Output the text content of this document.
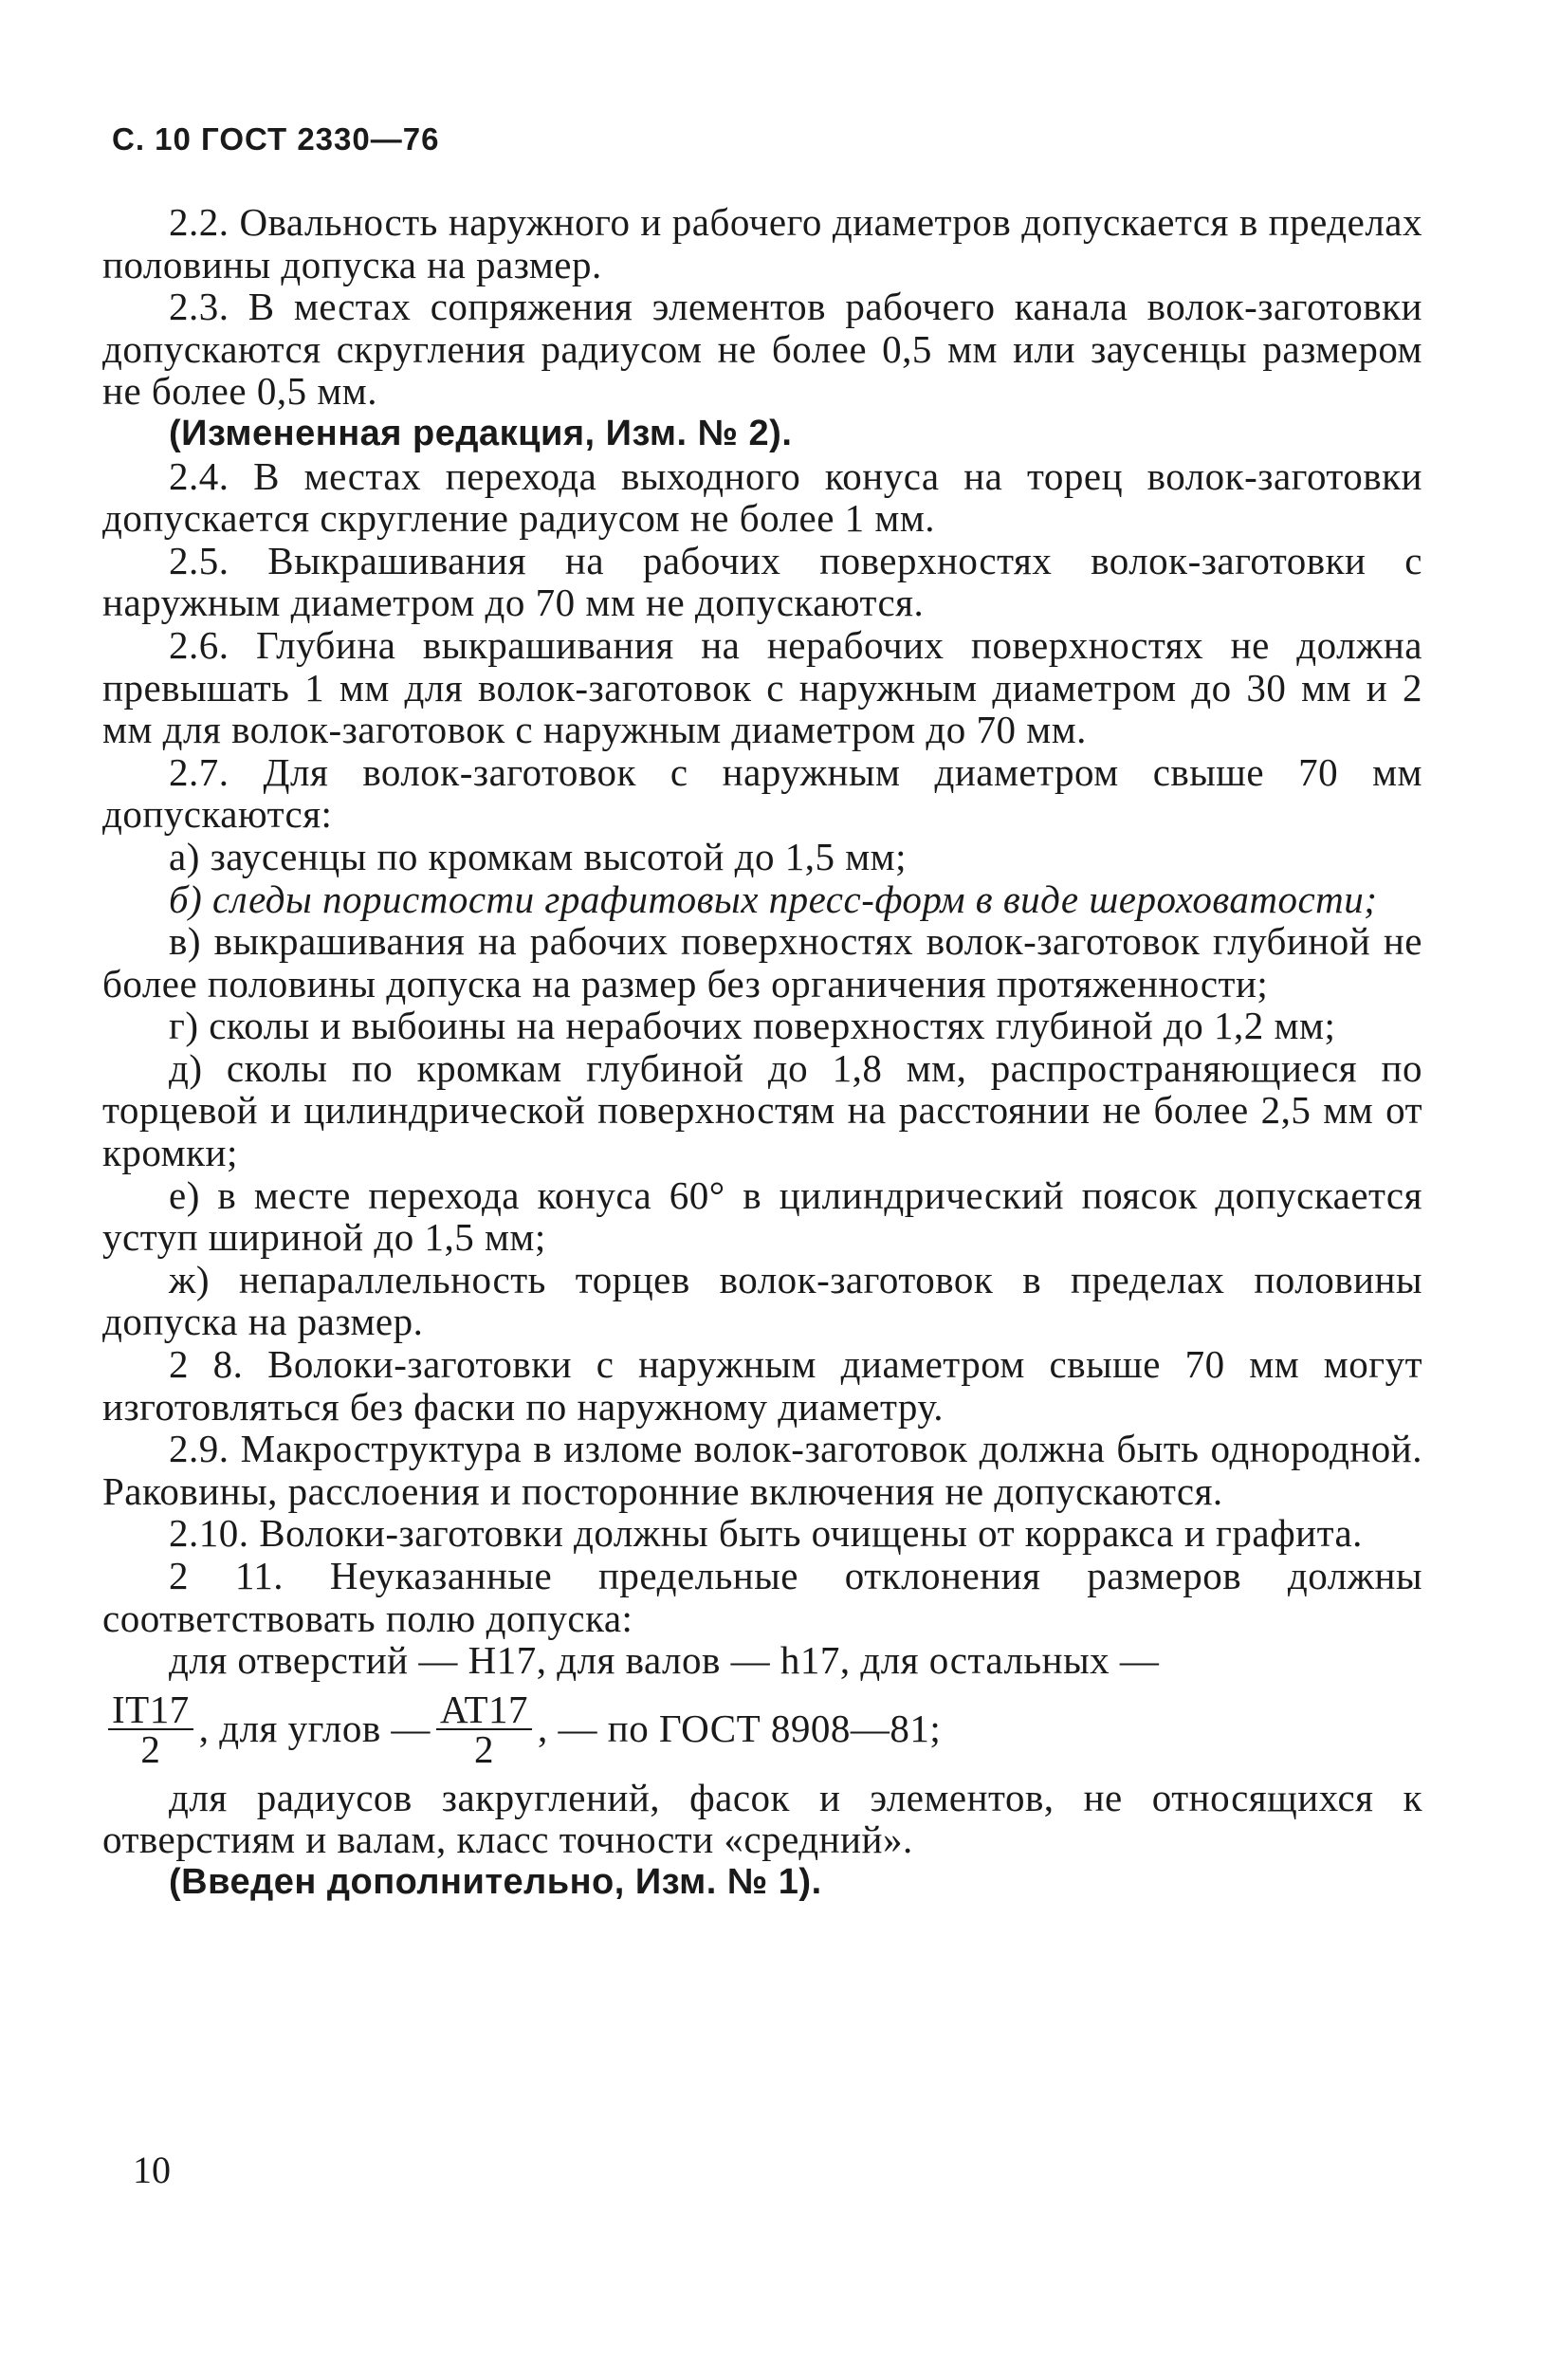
С. 10 ГОСТ 2330—76

2.2. Овальность наружного и рабочего диаметров допускается в пределах половины допуска на размер.

2.3. В местах сопряжения элементов рабочего канала волок-заготовки допускаются скругления радиусом не более 0,5 мм или заусенцы размером не более 0,5 мм.

(Измененная редакция, Изм. № 2).

2.4. В местах перехода выходного конуса на торец волок-заготовки допускается скругление радиусом не более 1 мм.

2.5. Выкрашивания на рабочих поверхностях волок-заготовки с наружным диаметром до 70 мм не допускаются.

2.6. Глубина выкрашивания на нерабочих поверхностях не должна превышать 1 мм для волок-заготовок с наружным диаметром до 30 мм и 2 мм для волок-заготовок с наружным диаметром до 70 мм.

2.7. Для волок-заготовок с наружным диаметром свыше 70 мм допускаются:

а) заусенцы по кромкам высотой до 1,5 мм;

б) следы пористости графитовых пресс-форм в виде шероховатости;

в) выкрашивания на рабочих поверхностях волок-заготовок глубиной не более половины допуска на размер без органичения протяженности;

г) сколы и выбоины на нерабочих поверхностях глубиной до 1,2 мм;

д) сколы по кромкам глубиной до 1,8 мм, распространяющиеся по торцевой и цилиндрической поверхностям на расстоянии не более 2,5 мм от кромки;

е) в месте перехода конуса 60° в цилиндрический поясок допускается уступ шириной до 1,5 мм;

ж) непараллельность торцев волок-заготовок в пределах половины допуска на размер.

2 8. Волоки-заготовки с наружным диаметром свыше 70 мм могут изготовляться без фаски по наружному диаметру.

2.9. Макроструктура в изломе волок-заготовок должна быть однородной. Раковины, расслоения и посторонние включения не допускаются.

2.10. Волоки-заготовки должны быть очищены от корракса и графита.

2 11. Неуказанные предельные отклонения размеров должны соответствовать полю допуска:

для отверстий — Н17, для валов — h17, для остальных —

$\frac{IT17}{2}$ , для углов — $\frac{AT17}{2}$ , — по ГОСТ 8908—81;

для радиусов закруглений, фасок и элементов, не относящихся к отверстиям и валам, класс точности «средний».

(Введен дополнительно, Изм. № 1).

10
